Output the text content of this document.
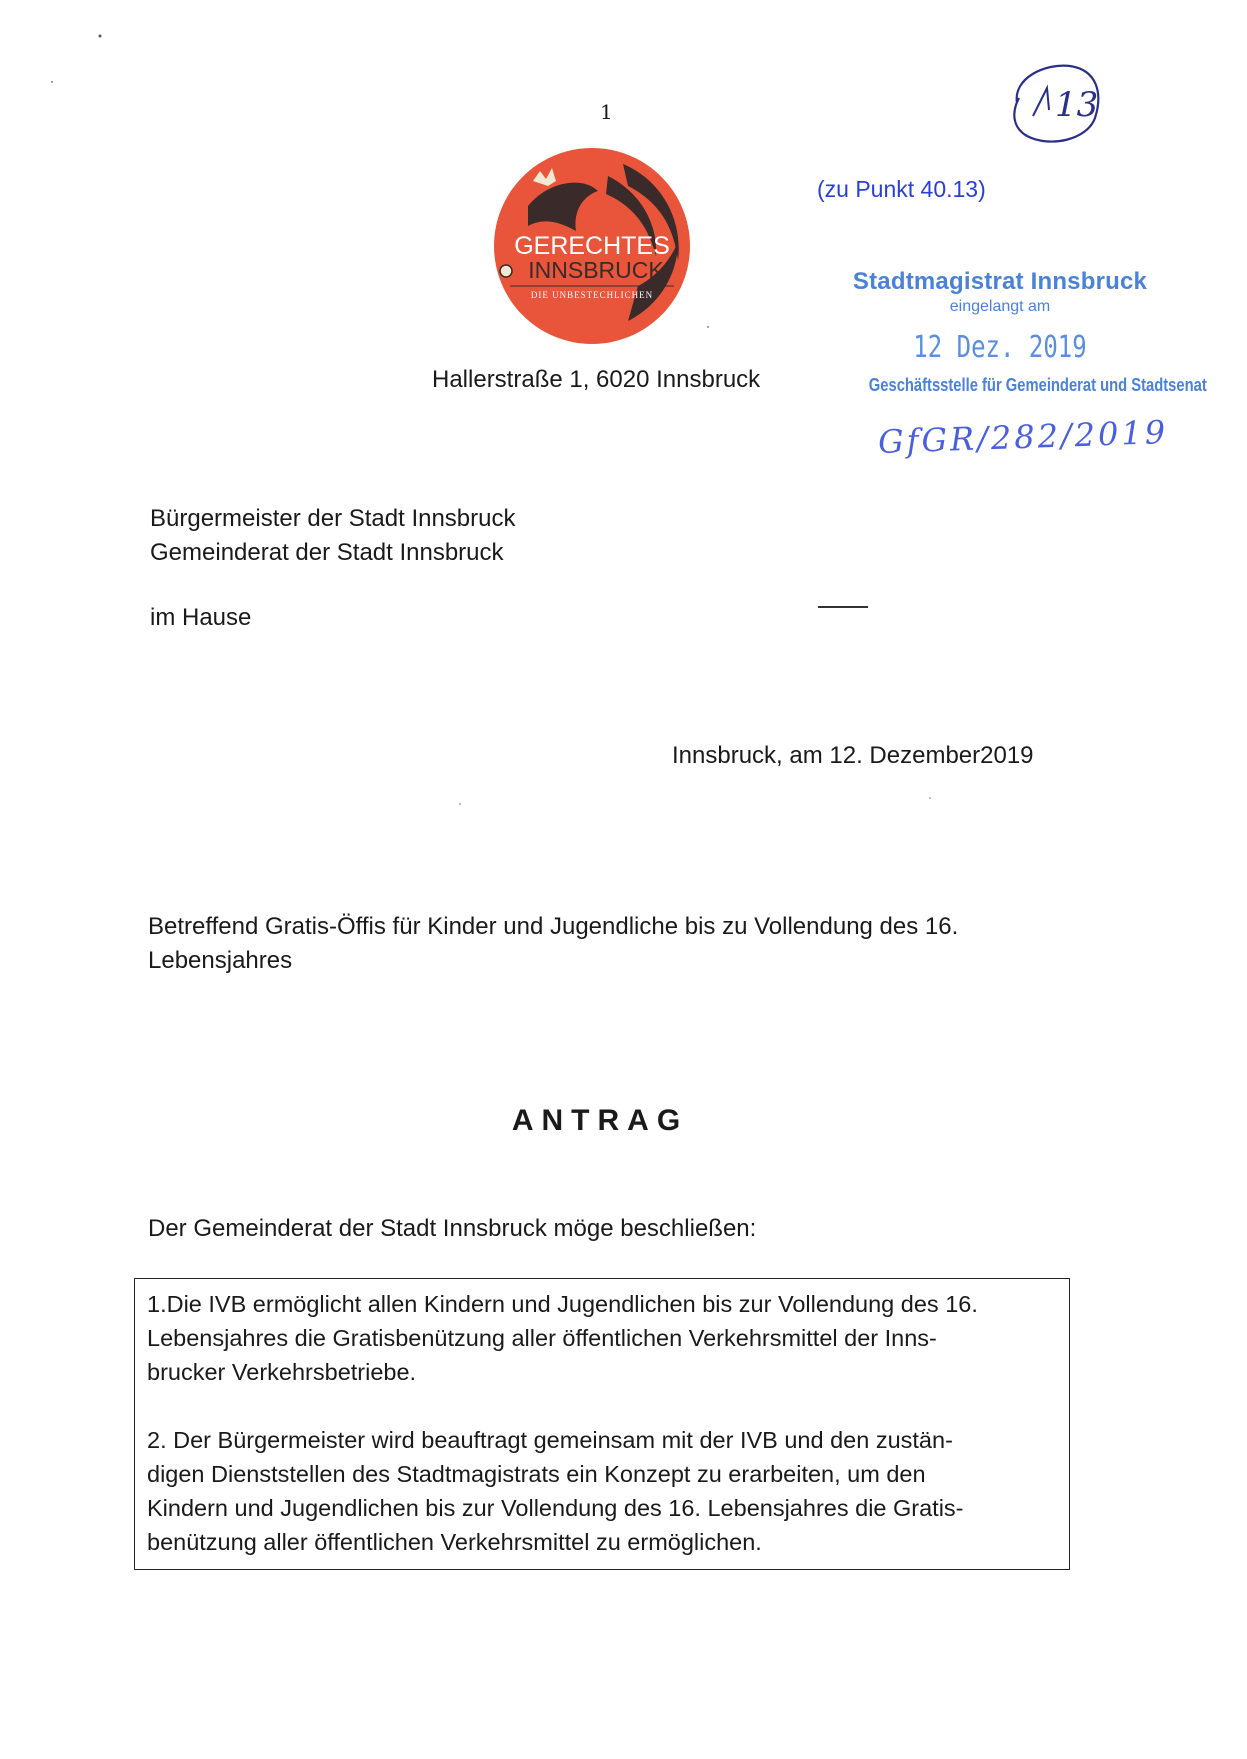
1	13
(zu Punkt 40.13)
GERECHTES
INNSBRUCK
DIE UNBESTECHLICHEN
Hallerstraße 1, 6020 Innsbruck
Stadtmagistrat Innsbruck
eingelangt am
12 Dez. 2019
Geschäftsstelle für Gemeinderat und Stadtsenat
GfGR/282/2019
Bürgermeister der Stadt Innsbruck
Gemeinderat der Stadt Innsbruck
im Hause
Innsbruck, am 12. Dezember2019
Betreffend Gratis-Öffis für Kinder und Jugendliche bis zu Vollendung des 16.
Lebensjahres
ANTRAG
Der Gemeinderat der Stadt Innsbruck möge beschließen:
1.Die IVB ermöglicht allen Kindern und Jugendlichen bis zur Vollendung des 16.
Lebensjahres die Gratisbenützung aller öffentlichen Verkehrsmittel der Inns-
brucker Verkehrsbetriebe.
2. Der Bürgermeister wird beauftragt gemeinsam mit der IVB und den zustän-
digen Dienststellen des Stadtmagistrats ein Konzept zu erarbeiten, um den
Kindern und Jugendlichen bis zur Vollendung des 16. Lebensjahres die Gratis-
benützung aller öffentlichen Verkehrsmittel zu ermöglichen.
